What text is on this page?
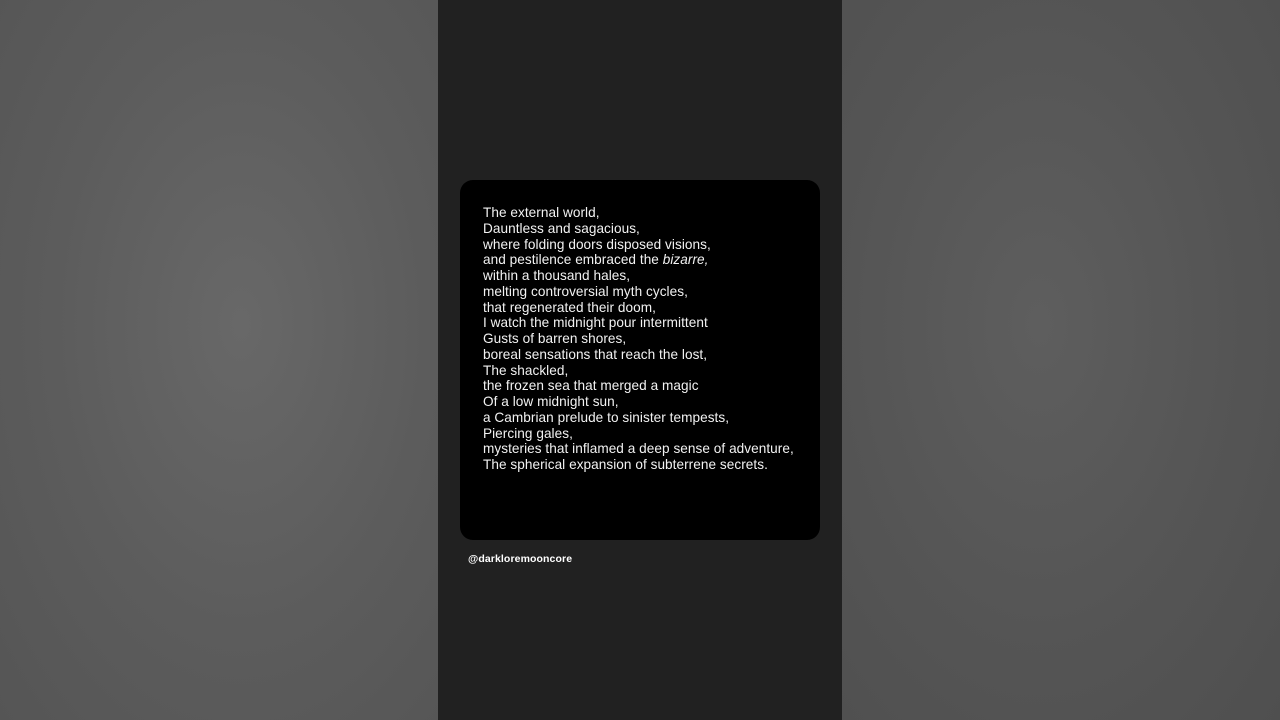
The external world,
Dauntless and sagacious,
where folding doors disposed visions,
and pestilence embraced the bizarre,
within a thousand hales,
melting controversial myth cycles,
that regenerated their doom,
I watch the midnight pour intermittent
Gusts of barren shores,
boreal sensations that reach the lost,
The shackled,
the frozen sea that merged a magic
Of a low midnight sun,
a Cambrian prelude to sinister tempests,
Piercing gales,
mysteries that inflamed a deep sense of adventure,
The spherical expansion of subterrene secrets.
@darkloremooncore
